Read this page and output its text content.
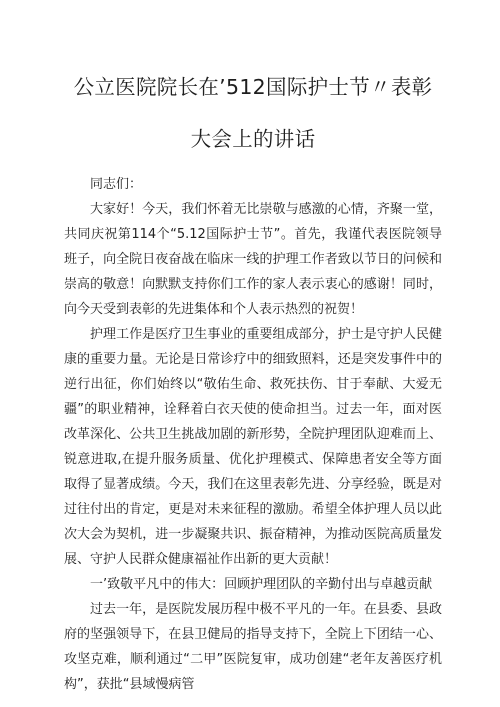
公立医院院长在’512国际护士节〃表彰
大会上的讲话
同志们：

大家好！今天，我们怀着无比崇敬与感激的心情，齐聚一堂，共同庆祝第114个“5.12国际护士节”。首先，我谨代表医院领导班子，向全院日夜奋战在临床一线的护理工作者致以节日的问候和崇高的敬意！向默默支持你们工作的家人表示衷心的感谢！同时，向今天受到表彰的先进集体和个人表示热烈的祝贺！

护理工作是医疗卫生事业的重要组成部分，护士是守护人民健康的重要力量。无论是日常诊疗中的细致照料，还是突发事件中的逆行出征，你们始终以“敬佑生命、救死扶伤、甘于奉献、大爱无疆”的职业精神，诠释着白衣天使的使命担当。过去一年，面对医改革深化、公共卫生挑战加剧的新形势，全院护理团队迎难而上、锐意进取,在提升服务质量、优化护理模式、保障患者安全等方面取得了显著成绩。今天，我们在这里表彰先进、分享经验，既是对过往付出的肯定，更是对未来征程的激励。希望全体护理人员以此次大会为契机，进一步凝聚共识、振奋精神，为推动医院高质量发展、守护人民群众健康福祉作出新的更大贡献！

一’致敬平凡中的伟大：回顾护理团队的辛勤付出与卓越贡献

过去一年，是医院发展历程中极不平凡的一年。在县委、县政府的坚强领导下，在县卫健局的指导支持下，全院上下团结一心、攻坚克难，顺利通过“二甲”医院复审，成功创建“老年友善医疗机构”，获批“县域慢病管
